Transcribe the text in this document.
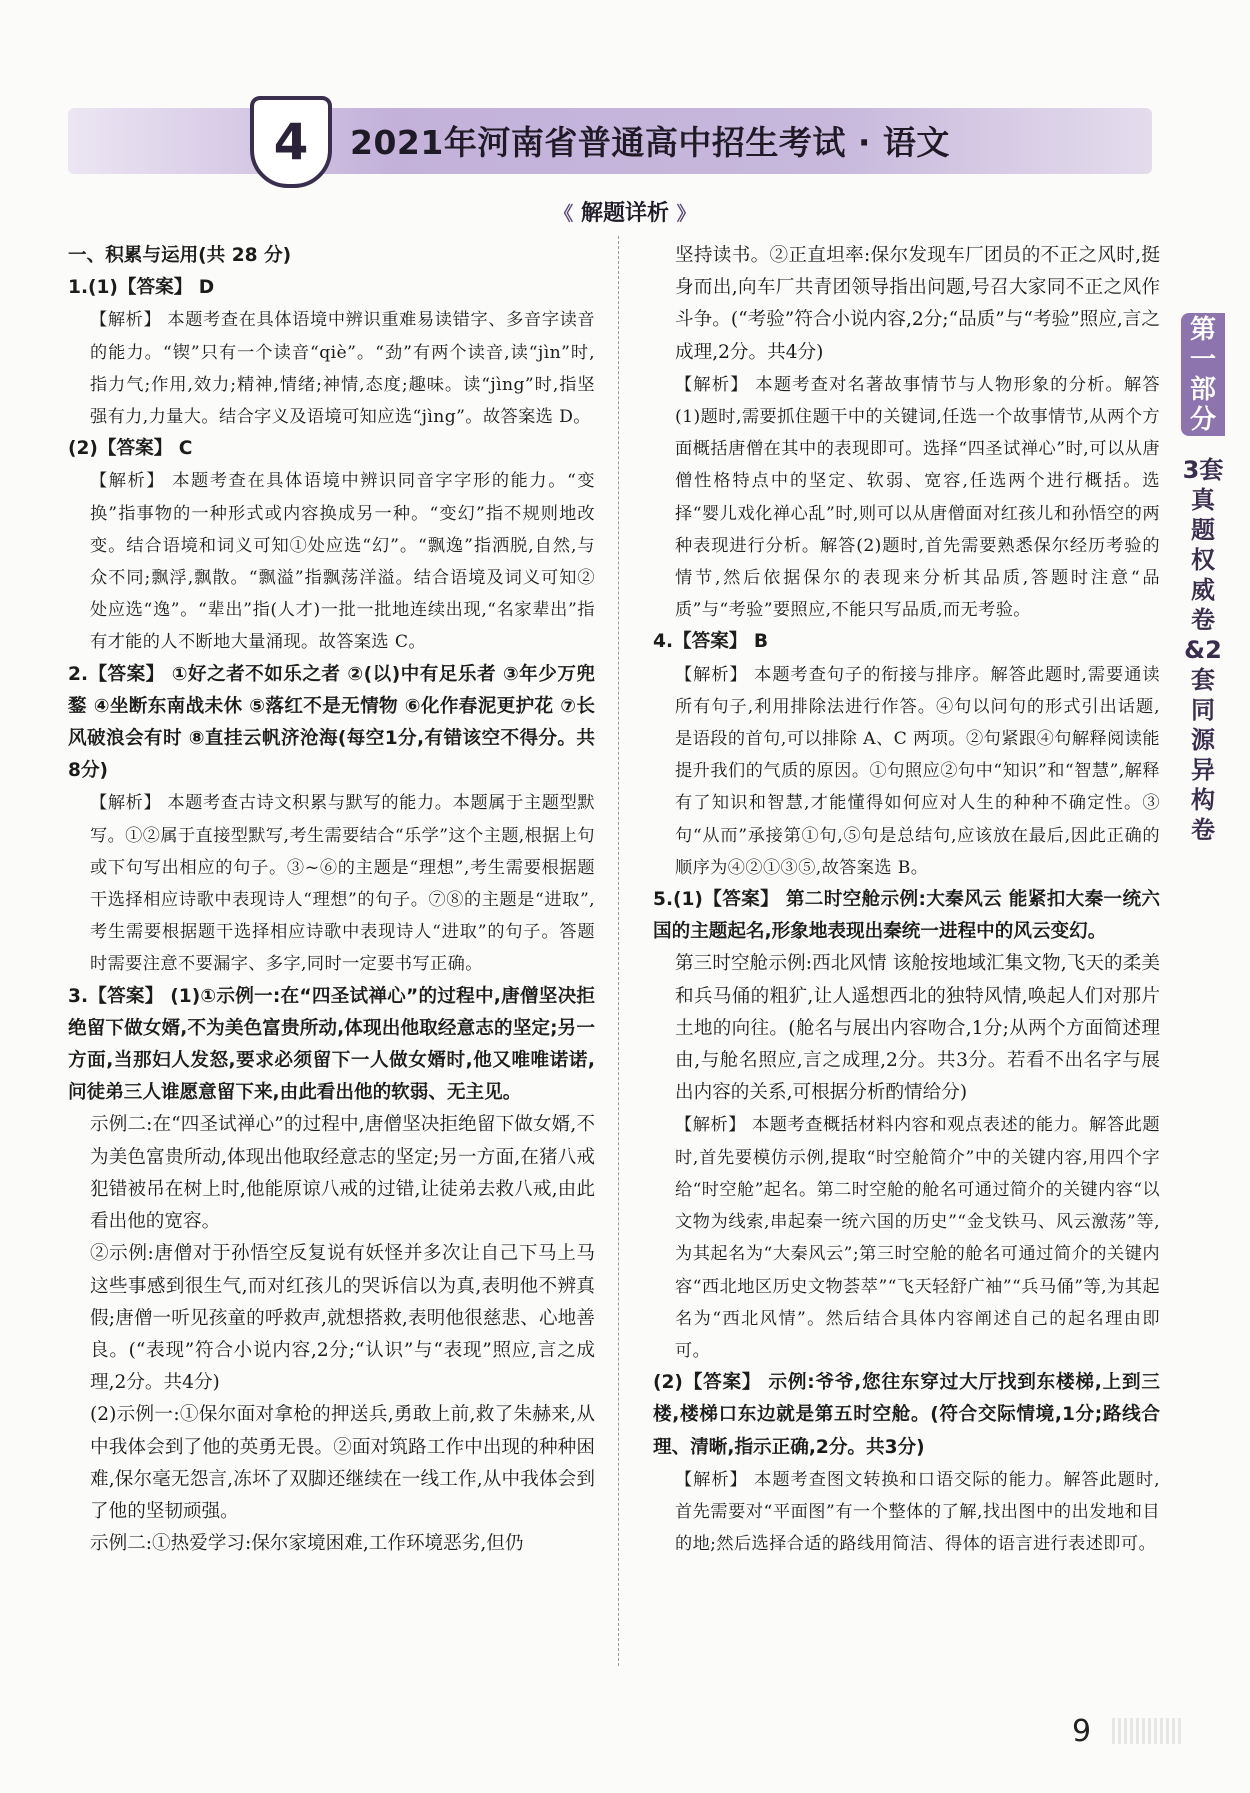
4	2021年河南省普通高中招生考试 · 语文
《 解题详析 》

一、积累与运用(共 28 分)

1.(1)【答案】 D

【解析】 本题考查在具体语境中辨识重难易读错字、多音字读音的能力。“锲”只有一个读音“qiè”。“劲”有两个读音,读“jìn”时,指力气;作用,效力;精神,情绪;神情,态度;趣味。读“jìng”时,指坚强有力,力量大。结合字义及语境可知应选“jìng”。故答案选 D。

(2)【答案】 C

【解析】 本题考查在具体语境中辨识同音字字形的能力。“变换”指事物的一种形式或内容换成另一种。“变幻”指不规则地改变。结合语境和词义可知①处应选“幻”。“飘逸”指洒脱,自然,与众不同;飘浮,飘散。“飘溢”指飘荡洋溢。结合语境及词义可知②处应选“逸”。“辈出”指(人才)一批一批地连续出现,“名家辈出”指有才能的人不断地大量涌现。故答案选 C。

2.【答案】 ①好之者不如乐之者 ②(以)中有足乐者 ③年少万兜鍪 ④坐断东南战未休 ⑤落红不是无情物 ⑥化作春泥更护花 ⑦长风破浪会有时 ⑧直挂云帆济沧海(每空1分,有错该空不得分。共8分)

【解析】 本题考查古诗文积累与默写的能力。本题属于主题型默写。①②属于直接型默写,考生需要结合“乐学”这个主题,根据上句或下句写出相应的句子。③~⑥的主题是“理想”,考生需要根据题干选择相应诗歌中表现诗人“理想”的句子。⑦⑧的主题是“进取”,考生需要根据题干选择相应诗歌中表现诗人“进取”的句子。答题时需要注意不要漏字、多字,同时一定要书写正确。

3.【答案】 (1)①示例一:在“四圣试禅心”的过程中,唐僧坚决拒绝留下做女婿,不为美色富贵所动,体现出他取经意志的坚定;另一方面,当那妇人发怒,要求必须留下一人做女婿时,他又唯唯诺诺,问徒弟三人谁愿意留下来,由此看出他的软弱、无主见。

示例二:在“四圣试禅心”的过程中,唐僧坚决拒绝留下做女婿,不为美色富贵所动,体现出他取经意志的坚定;另一方面,在猪八戒犯错被吊在树上时,他能原谅八戒的过错,让徒弟去救八戒,由此看出他的宽容。

②示例:唐僧对于孙悟空反复说有妖怪并多次让自己下马上马这些事感到很生气,而对红孩儿的哭诉信以为真,表明他不辨真假;唐僧一听见孩童的呼救声,就想搭救,表明他很慈悲、心地善良。(“表现”符合小说内容,2分;“认识”与“表现”照应,言之成理,2分。共4分)

(2)示例一:①保尔面对拿枪的押送兵,勇敢上前,救了朱赫来,从中我体会到了他的英勇无畏。②面对筑路工作中出现的种种困难,保尔毫无怨言,冻坏了双脚还继续在一线工作,从中我体会到了他的坚韧顽强。

示例二:①热爱学习:保尔家境困难,工作环境恶劣,但仍

坚持读书。②正直坦率:保尔发现车厂团员的不正之风时,挺身而出,向车厂共青团领导指出问题,号召大家同不正之风作斗争。(“考验”符合小说内容,2分;“品质”与“考验”照应,言之成理,2分。共4分)

【解析】 本题考查对名著故事情节与人物形象的分析。解答(1)题时,需要抓住题干中的关键词,任选一个故事情节,从两个方面概括唐僧在其中的表现即可。选择“四圣试禅心”时,可以从唐僧性格特点中的坚定、软弱、宽容,任选两个进行概括。选择“婴儿戏化禅心乱”时,则可以从唐僧面对红孩儿和孙悟空的两种表现进行分析。解答(2)题时,首先需要熟悉保尔经历考验的情节,然后依据保尔的表现来分析其品质,答题时注意“品质”与“考验”要照应,不能只写品质,而无考验。

4.【答案】 B

【解析】 本题考查句子的衔接与排序。解答此题时,需要通读所有句子,利用排除法进行作答。④句以问句的形式引出话题,是语段的首句,可以排除 A、C 两项。②句紧跟④句解释阅读能提升我们的气质的原因。①句照应②句中“知识”和“智慧”,解释有了知识和智慧,才能懂得如何应对人生的种种不确定性。③句“从而”承接第①句,⑤句是总结句,应该放在最后,因此正确的顺序为④②①③⑤,故答案选 B。

5.(1)【答案】 第二时空舱示例:大秦风云 能紧扣大秦一统六国的主题起名,形象地表现出秦统一进程中的风云变幻。

第三时空舱示例:西北风情 该舱按地域汇集文物,飞天的柔美和兵马俑的粗犷,让人遥想西北的独特风情,唤起人们对那片土地的向往。(舱名与展出内容吻合,1分;从两个方面简述理由,与舱名照应,言之成理,2分。共3分。若看不出名字与展出内容的关系,可根据分析酌情给分)

【解析】 本题考查概括材料内容和观点表述的能力。解答此题时,首先要模仿示例,提取“时空舱简介”中的关键内容,用四个字给“时空舱”起名。第二时空舱的舱名可通过简介的关键内容“以文物为线索,串起秦一统六国的历史”“金戈铁马、风云激荡”等,为其起名为“大秦风云”;第三时空舱的舱名可通过简介的关键内容“西北地区历史文物荟萃”“飞天轻舒广袖”“兵马俑”等,为其起名为“西北风情”。然后结合具体内容阐述自己的起名理由即可。

(2)【答案】 示例:爷爷,您往东穿过大厅找到东楼梯,上到三楼,楼梯口东边就是第五时空舱。(符合交际情境,1分;路线合理、清晰,指示正确,2分。共3分)

【解析】 本题考查图文转换和口语交际的能力。解答此题时,首先需要对“平面图”有一个整体的了解,找出图中的出发地和目的地;然后选择合适的路线用简洁、得体的语言进行表述即可。

第一部分
3套真题权威卷&2套同源异构卷
9
